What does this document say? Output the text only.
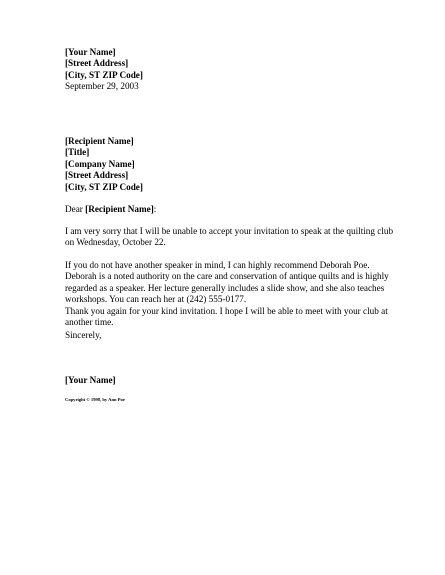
[Your Name]
[Street Address]
[City, ST ZIP Code]
September 29, 2003
[Recipient Name]
[Title]
[Company Name]
[Street Address]
[City, ST ZIP Code]
Dear [Recipient Name]:
I am very sorry that I will be unable to accept your invitation to speak at the quilting club
on Wednesday, October 22.
If you do not have another speaker in mind, I can highly recommend Deborah Poe.
Deborah is a noted authority on the care and conservation of antique quilts and is highly
regarded as a speaker. Her lecture generally includes a slide show, and she also teaches
workshops. You can reach her at (242) 555-0177.
Thank you again for your kind invitation. I hope I will be able to meet with your club at
another time.
Sincerely,
[Your Name]
Copyright © 1998, by Ann Poe
